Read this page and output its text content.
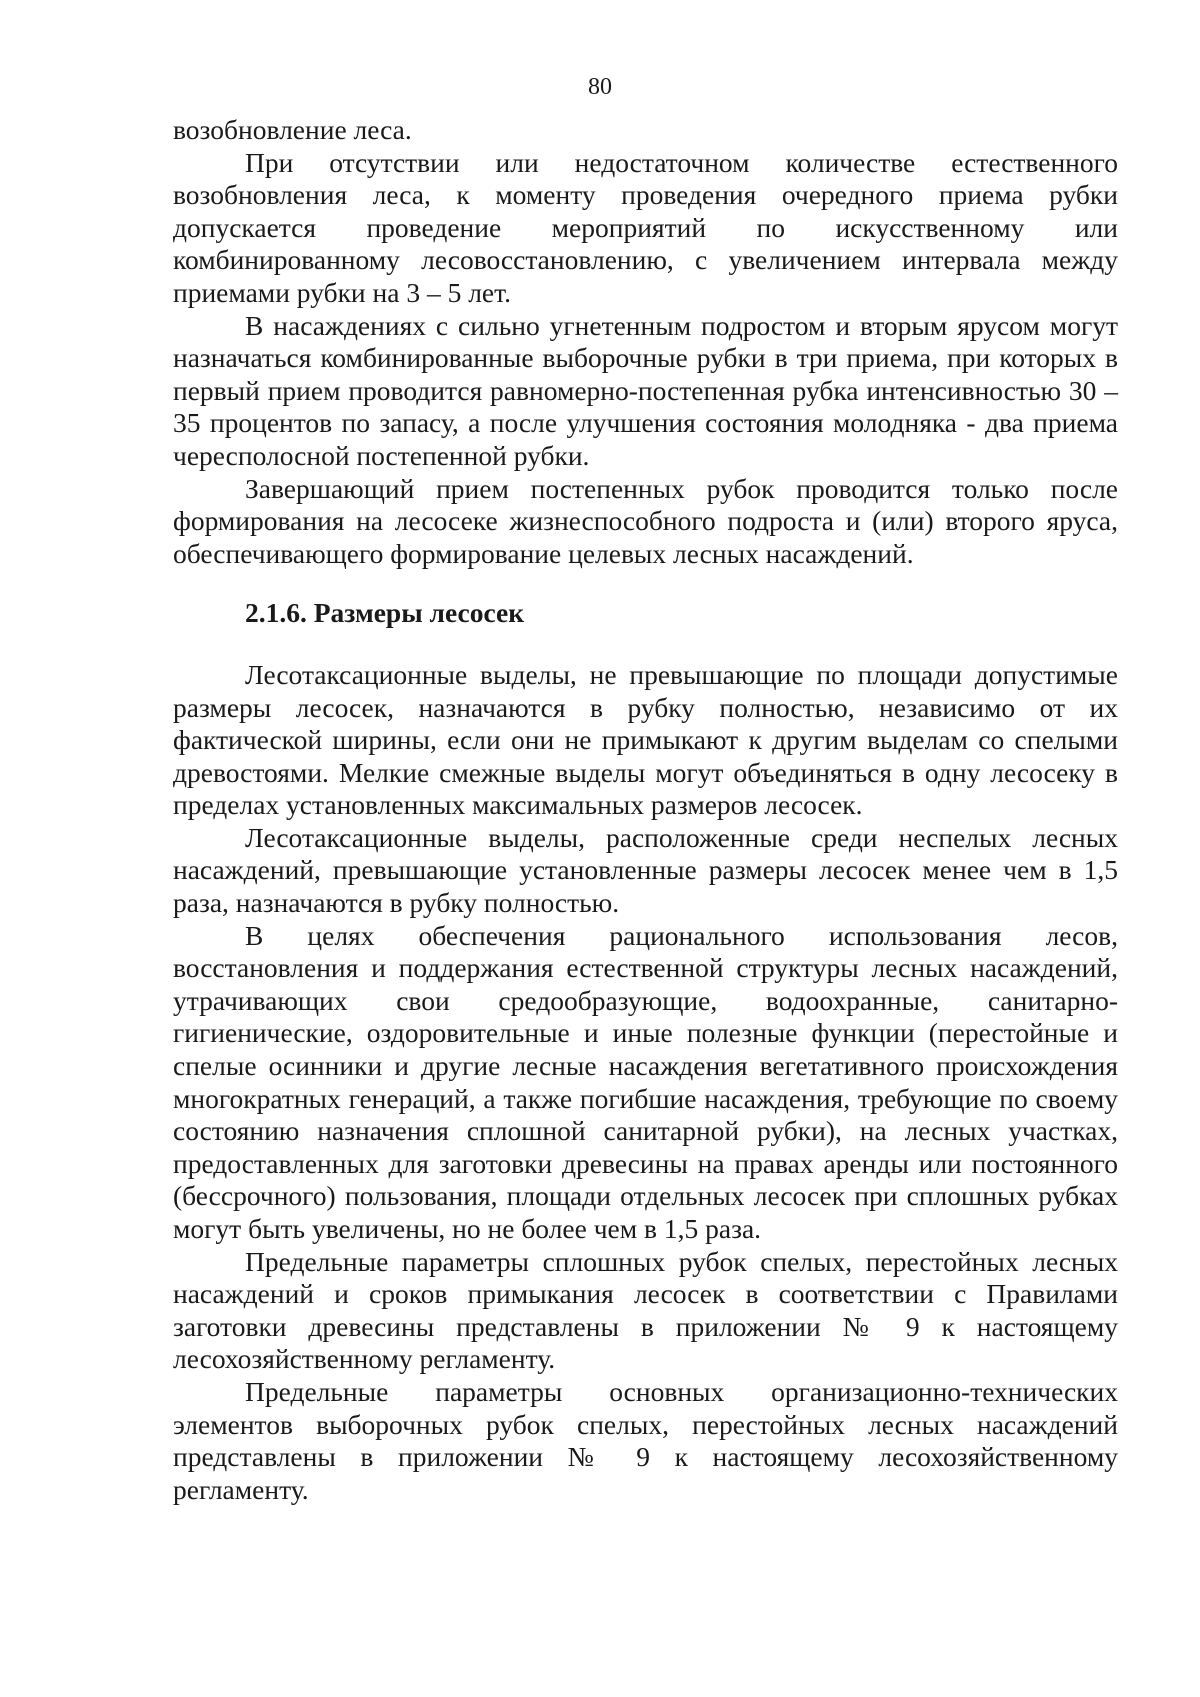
80

возобновление леса.

При отсутствии или недостаточном количестве естественного возобновления леса, к моменту проведения очередного приема рубки допускается проведение мероприятий по искусственному или комбинированному лесовосстановлению, с увеличением интервала между приемами рубки на 3 – 5 лет.

В насаждениях с сильно угнетенным подростом и вторым ярусом могут назначаться комбинированные выборочные рубки в три приема, при которых в первый прием проводится равномерно-постепенная рубка интенсивностью 30 – 35 процентов по запасу, а после улучшения состояния молодняка - два приема чересполосной постепенной рубки.

Завершающий прием постепенных рубок проводится только после формирования на лесосеке жизнеспособного подроста и (или) второго яруса, обеспечивающего формирование целевых лесных насаждений.

2.1.6. Размеры лесосек

Лесотаксационные выделы, не превышающие по площади допустимые размеры лесосек, назначаются в рубку полностью, независимо от их фактической ширины, если они не примыкают к другим выделам со спелыми древостоями. Мелкие смежные выделы могут объединяться в одну лесосеку в пределах установленных максимальных размеров лесосек.

Лесотаксационные выделы, расположенные среди неспелых лесных насаждений, превышающие установленные размеры лесосек менее чем в 1,5 раза, назначаются в рубку полностью.

В целях обеспечения рационального использования лесов, восстановления и поддержания естественной структуры лесных насаждений, утрачивающих свои средообразующие, водоохранные, санитарно-гигиенические, оздоровительные и иные полезные функции (перестойные и спелые осинники и другие лесные насаждения вегетативного происхождения многократных генераций, а также погибшие насаждения, требующие по своему состоянию назначения сплошной санитарной рубки), на лесных участках, предоставленных для заготовки древесины на правах аренды или постоянного (бессрочного) пользования, площади отдельных лесосек при сплошных рубках могут быть увеличены, но не более чем в 1,5 раза.

Предельные параметры сплошных рубок спелых, перестойных лесных насаждений и сроков примыкания лесосек в соответствии с Правилами заготовки древесины представлены в приложении № 9 к настоящему лесохозяйственному регламенту.

Предельные параметры основных организационно-технических элементов выборочных рубок спелых, перестойных лесных насаждений представлены в приложении № 9 к настоящему лесохозяйственному регламенту.
